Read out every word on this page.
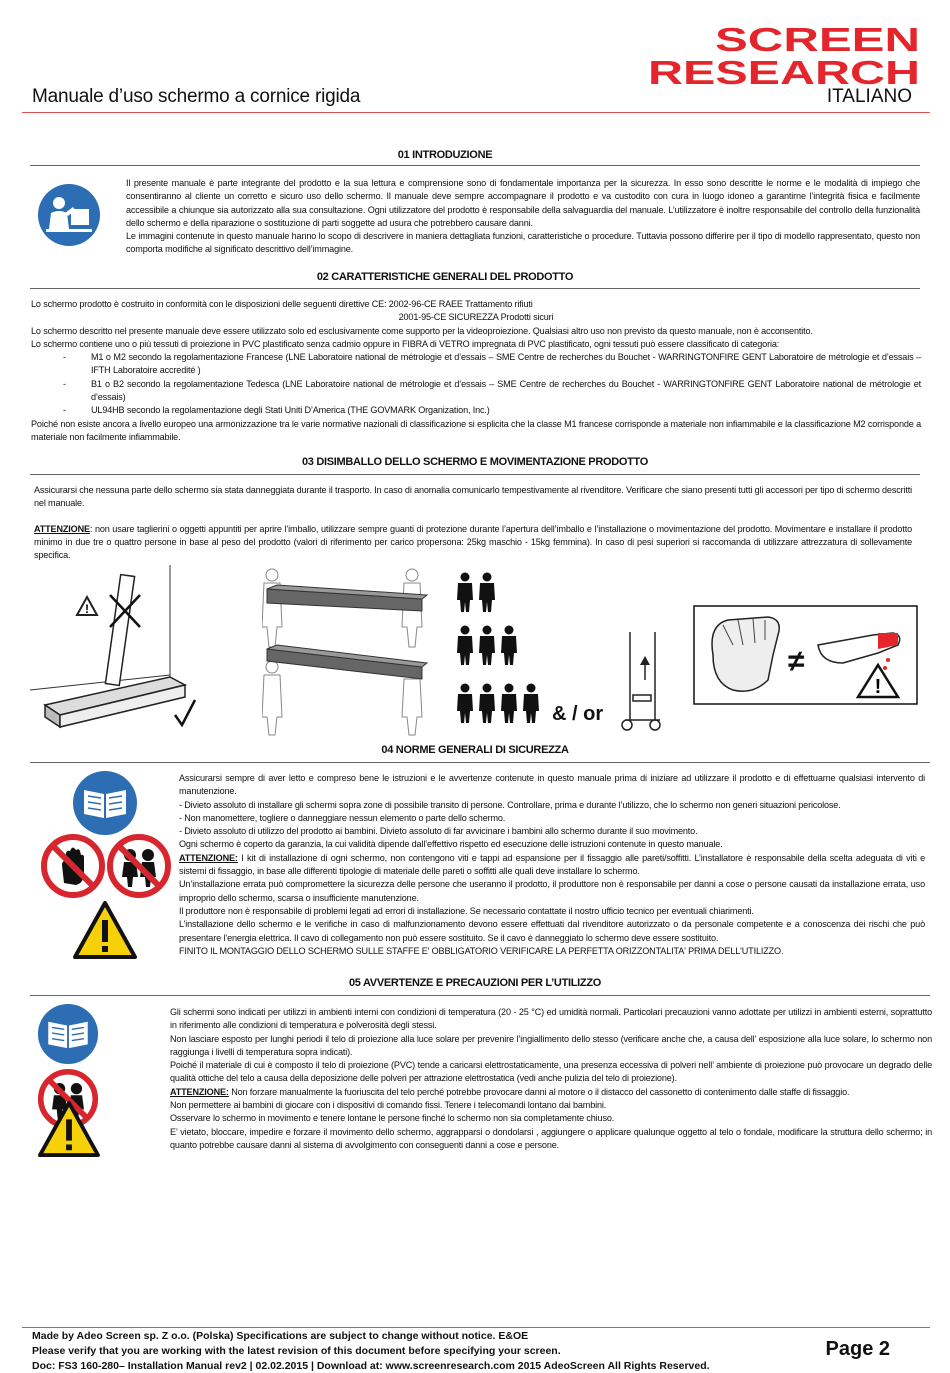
SCREEN
RESEARCH
Manuale d’uso schermo a cornice rigida	ITALIANO
01 INTRODUZIONE

Il presente manuale è parte integrante del prodotto e la sua lettura e comprensione sono di fondamentale importanza per la sicurezza. In esso sono descritte le norme e le modalità di impiego che consentiranno al cliente un corretto e sicuro uso dello schermo. Il manuale deve sempre accompagnare il prodotto e va custodito con cura in luogo idoneo a garantirne l’integrità fisica e facilmente accessibile a chiunque sia autorizzato alla sua consultazione. Ogni utilizzatore del prodotto è responsabile della salvaguardia del manuale. L’utilizzatore è inoltre responsabile del controllo della funzionalità dello schermo e della riparazione o sostituzione di parti soggette ad usura che potrebbero causare danni.

Le immagini contenute in questo manuale hanno lo scopo di descrivere in maniera dettagliata funzioni, caratteristiche o procedure. Tuttavia possono differire per il tipo di modello rappresentato, questo non comporta modifiche al significato descrittivo dell’immagine.

02 CARATTERISTICHE GENERALI DEL PRODOTTO

Lo schermo prodotto è costruito in conformità con le disposizioni delle seguenti direttive CE: 2002-96-CE RAEE Trattamento rifiuti

2001-95-CE SICUREZZA Prodotti sicuri

Lo schermo descritto nel presente manuale deve essere utilizzato solo ed esclusivamente come supporto per la videoproiezione. Qualsiasi altro uso non previsto da questo manuale, non è acconsentito.

Lo schermo contiene uno o più tessuti di proiezione in PVC plastificato senza cadmio oppure in FIBRA di VETRO impregnata di PVC plastificato, ogni tessuti può essere classificato di categoria:

- M1 o M2 secondo la regolamentazione Francese (LNE Laboratoire national de métrologie et d’essais – SME Centre de recherches du Bouchet - WARRINGTONFIRE GENT Laboratoire de métrologie et d’essais – IFTH Laboratoire accredité )
- B1 o B2 secondo la regolamentazione Tedesca (LNE Laboratoire national de métrologie et d’essais – SME Centre de recherches du Bouchet - WARRINGTONFIRE GENT Laboratoire national de métrologie et d’essais)
- UL94HB secondo la regolamentazione degli Stati Uniti D’America (THE GOVMARK Organization, Inc.)

Poiché non esiste ancora a livello europeo una armonizzazione tra le varie normative nazionali di classificazione si esplicita che la classe M1 francese corrisponde a materiale non infiammabile e la classificazione M2 corrisponde a materiale non facilmente infiammabile.

03 DISIMBALLO DELLO SCHERMO E MOVIMENTAZIONE PRODOTTO

Assicurarsi che nessuna parte dello schermo sia stata danneggiata durante il trasporto. In caso di anomalia comunicarlo tempestivamente al rivenditore. Verificare che siano presenti tutti gli accessori per tipo di schermo descritti nel manuale.

ATTENZIONE: non usare taglierini o oggetti appuntiti per aprire l’imballo, utilizzare sempre guanti di protezione durante l’apertura dell’imballo e l’installazione o movimentazione del prodotto. Movimentare e installare il prodotto minimo in due tre o quattro persone in base al peso del prodotto (valori di riferimento per carico propersona: 25kg maschio - 15kg femmina). In caso di pesi superiori si raccomanda di utilizzare attrezzatura di sollevamente specifica.

!
& / or
≠
!
04 NORME GENERALI DI SICUREZZA

Assicurarsi sempre di aver letto e compreso bene le istruzioni e le avvertenze contenute in questo manuale prima di iniziare ad utilizzare il prodotto e di effettuarne qualsiasi intervento di manutenzione.

- Divieto assoluto di installare gli schermi sopra zone di possibile transito di persone. Controllare, prima e durante l’utilizzo, che lo schermo non generi situazioni pericolose.

- Non manomettere, togliere o danneggiare nessun elemento o parte dello schermo.

- Divieto assoluto di utilizzo del prodotto ai bambini. Divieto assoluto di far avvicinare i bambini allo schermo durante il suo movimento.

Ogni schermo è coperto da garanzia, la cui validità dipende dall’effettivo rispetto ed esecuzione delle istruzioni contenute in questo manuale.

ATTENZIONE: I kit di installazione di ogni schermo, non contengono viti e tappi ad espansione per il fissaggio alle pareti/soffitti. L’installatore è responsabile della scelta adeguata di viti e sistemi di fissaggio, in base alle differenti tipologie di materiale delle pareti o soffitti alle quali deve installare lo schermo.

Un’installazione errata può compromettere la sicurezza delle persone che useranno il prodotto, il produttore non è responsabile per danni a cose o persone causati da installazione errata, uso improprio dello schermo, scarsa o insufficiente manutenzione.

Il produttore non è responsabile di problemi legati ad errori di installazione. Se necessario contattate il nostro ufficio tecnico per eventuali chiarimenti.

L’installazione dello schermo e le verifiche in caso di malfunzionamento devono essere effettuati dal rivenditore autorizzato o da personale competente e a conoscenza dei rischi che può presentare l’energia elettrica. Il cavo di collegamento non può essere sostituito. Se il cavo è danneggiato lo schermo deve essere sostituito.

FINITO IL MONTAGGIO DELLO SCHERMO SULLE STAFFE E' OBBLIGATORIO VERIFICARE LA PERFETTA ORIZZONTALITA' PRIMA DELL'UTILIZZO.

05 AVVERTENZE E PRECAUZIONI PER L’UTILIZZO

Gli schermi sono indicati per utilizzi in ambienti interni con condizioni di temperatura (20 - 25 °C) ed umidità normali. Particolari precauzioni vanno adottate per utilizzi in ambienti esterni, soprattutto in riferimento alle condizioni di temperatura e polverosità degli stessi.

Non lasciare esposto per lunghi periodi il telo di proiezione alla luce solare per prevenire l’ingiallimento dello stesso (verificare anche che, a causa dell’ esposizione alla luce solare, lo schermo non raggiunga i livelli di temperatura sopra indicati).

Poiché il materiale di cui è composto il telo di proiezione (PVC) tende a caricarsi elettrostaticamente, una presenza eccessiva di polveri nell’ ambiente di proiezione può provocare un degrado delle qualità ottiche del telo a causa della deposizione delle polveri per attrazione elettrostatica (vedi anche pulizia del telo di proiezione).

ATTENZIONE: Non forzare manualmente la fuoriuscita del telo perché potrebbe provocare danni al motore o il distacco del cassonetto di contenimento dalle staffe di fissaggio.

Non permettere ai bambini di giocare con i dispositivi di comando fissi. Tenere i telecomandi lontano dai bambini.

Osservare lo schermo in movimento e tenere lontane le persone finché lo schermo non sia completamente chiuso.

E’ vietato, bloccare, impedire e forzare il movimento dello schermo, aggrapparsi o dondolarsi , aggiungere o applicare qualunque oggetto al telo o fondale, modificare la struttura dello schermo; in quanto potrebbe causare danni al sistema di avvolgimento con conseguenti danni a cose e persone.

Made by Adeo Screen sp. Z o.o. (Polska) Specifications are subject to change without notice. E&OE
Please verify that you are working with the latest revision of this document before specifying your screen.
Doc: FS3 160-280– Installation Manual rev2 | 02.02.2015 | Download at: www.screenresearch.com 2015 AdeoScreen All Rights Reserved.
Page 2
